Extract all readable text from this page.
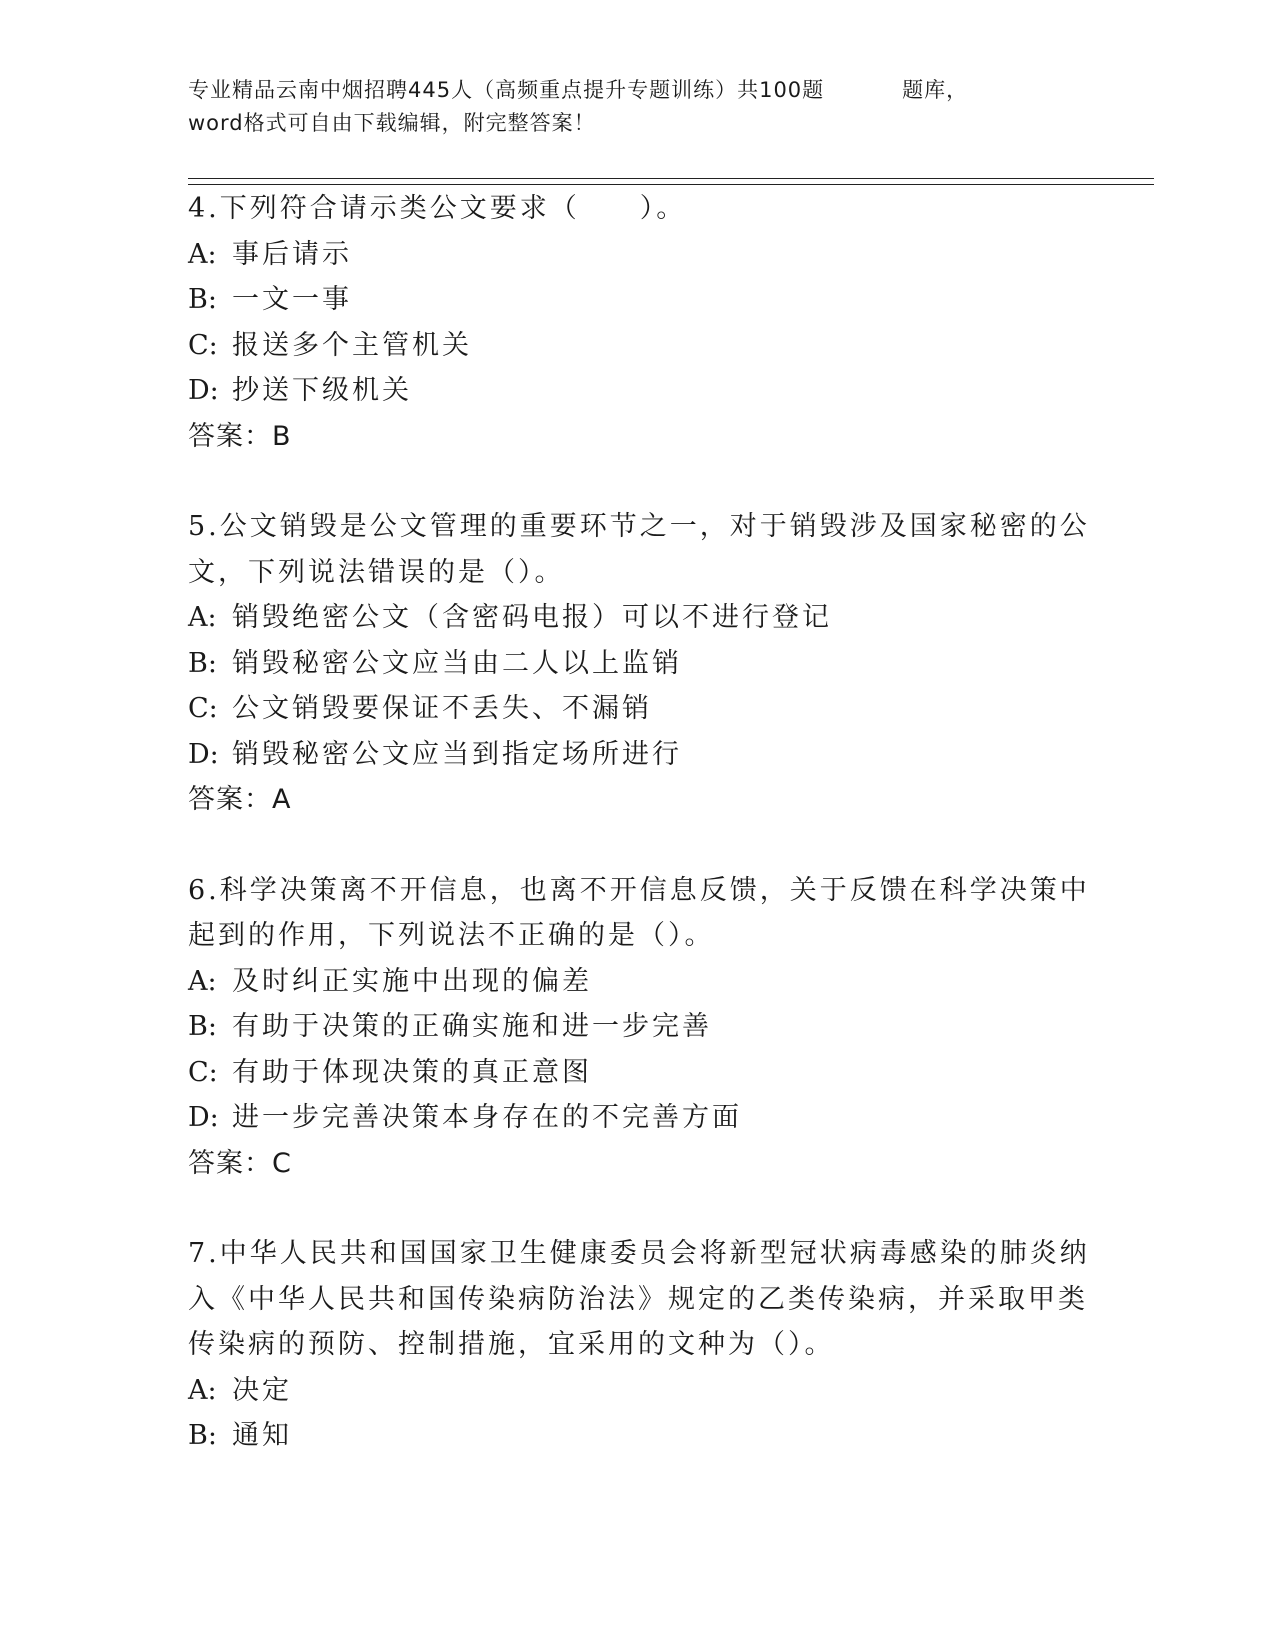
专业精品云南中烟招聘445人（高频重点提升专题训练）共100题	题库，
word格式可自由下载编辑，附完整答案！
4.下列符合请示类公文要求（　　）。
A: 事后请示
B: 一文一事
C: 报送多个主管机关
D: 抄送下级机关
答案：B
5.公文销毁是公文管理的重要环节之一，对于销毁涉及国家秘密的公
文，下列说法错误的是（）。
A: 销毁绝密公文（含密码电报）可以不进行登记
B: 销毁秘密公文应当由二人以上监销
C: 公文销毁要保证不丢失、不漏销
D: 销毁秘密公文应当到指定场所进行
答案：A
6.科学决策离不开信息，也离不开信息反馈，关于反馈在科学决策中
起到的作用，下列说法不正确的是（）。
A: 及时纠正实施中出现的偏差
B: 有助于决策的正确实施和进一步完善
C: 有助于体现决策的真正意图
D: 进一步完善决策本身存在的不完善方面
答案：C
7.中华人民共和国国家卫生健康委员会将新型冠状病毒感染的肺炎纳
入《中华人民共和国传染病防治法》规定的乙类传染病，并采取甲类
传染病的预防、控制措施，宜采用的文种为（）。
A: 决定
B: 通知
